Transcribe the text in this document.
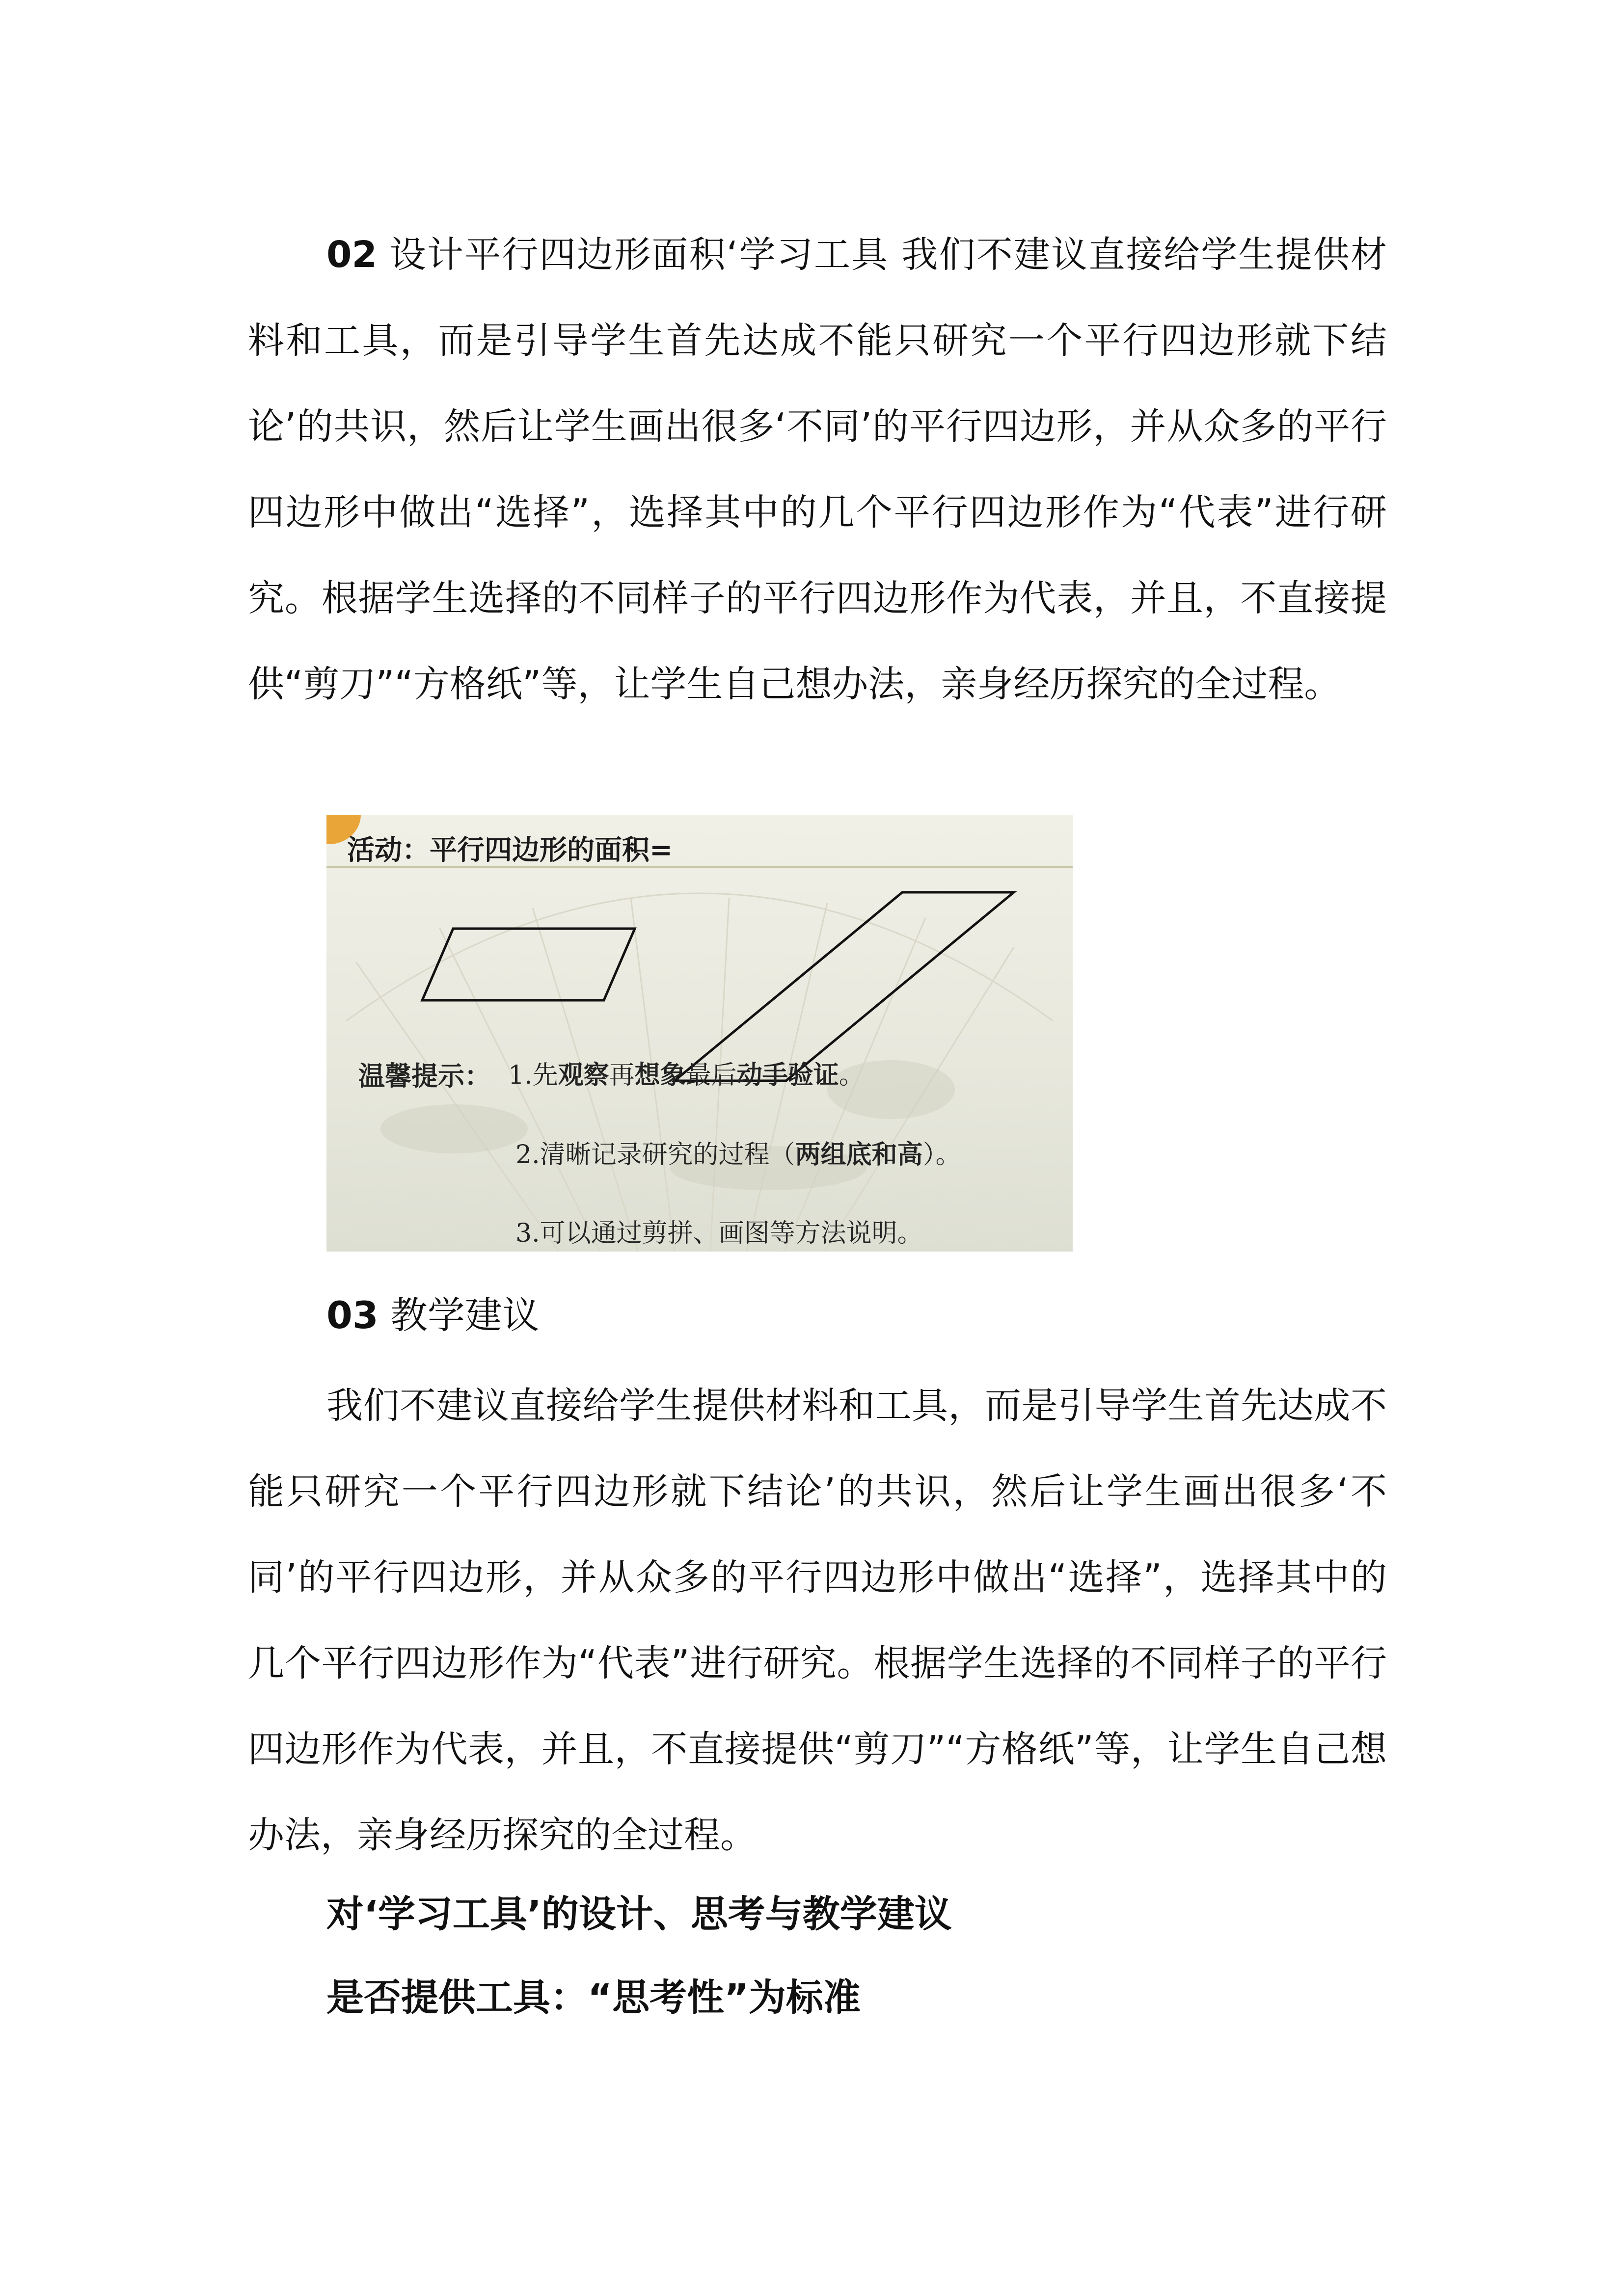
02 设计平行四边形面积‘学习工具 我们不建议直接给学生提供材料和工具，而是引导学生首先达成不能只研究一个平行四边形就下结论’的共识，然后让学生画出很多‘不同’的平行四边形，并从众多的平行四边形中做出“选择”，选择其中的几个平行四边形作为“代表”进行研究。根据学生选择的不同样子的平行四边形作为代表，并且，不直接提供“剪刀”“方格纸”等，让学生自己想办法，亲身经历探究的全过程。

活动：平行四边形的面积=
温馨提示： 1.先观察再想象最后动手验证。
2.清晰记录研究的过程（两组底和高）。
3.可以通过剪拼、画图等方法说明。

03 教学建议

我们不建议直接给学生提供材料和工具，而是引导学生首先达成不能只研究一个平行四边形就下结论’的共识，然后让学生画出很多‘不同’的平行四边形，并从众多的平行四边形中做出“选择”，选择其中的几个平行四边形作为“代表”进行研究。根据学生选择的不同样子的平行四边形作为代表，并且，不直接提供“剪刀”“方格纸”等，让学生自己想办法，亲身经历探究的全过程。

对‘学习工具’的设计、思考与教学建议

是否提供工具：“思考性”为标准
